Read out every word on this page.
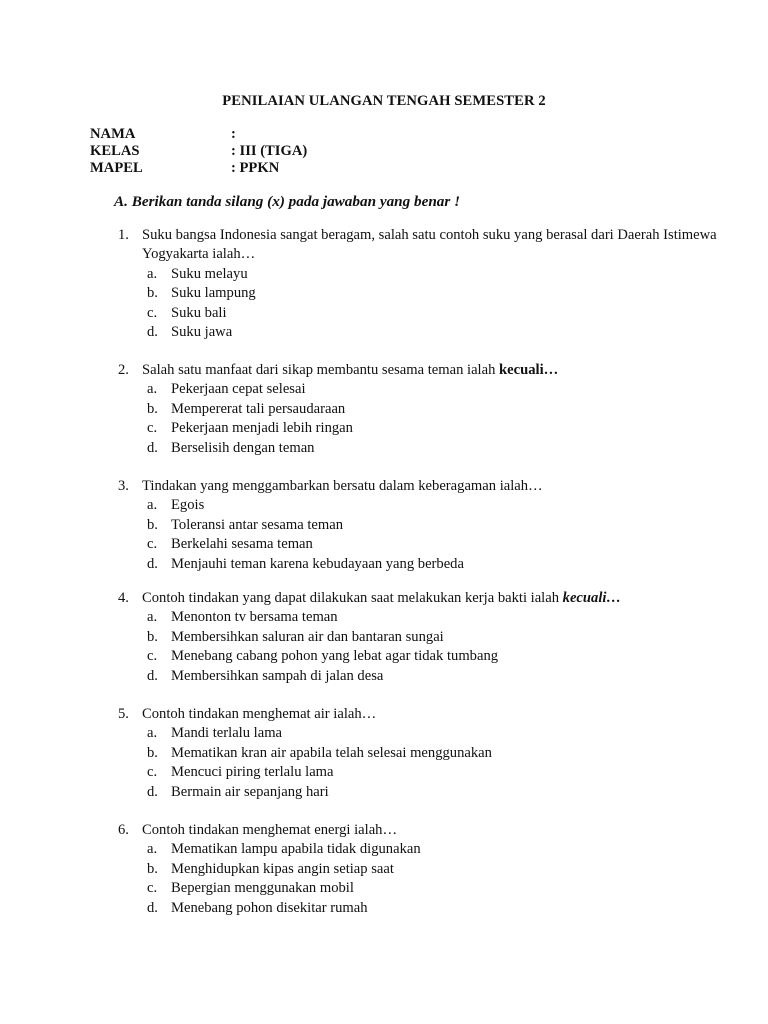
PENILAIAN ULANGAN TENGAH SEMESTER 2
NAMA	:
KELAS	: III (TIGA)
MAPEL	: PPKN
A. Berikan tanda silang (x) pada jawaban yang benar !
1. Suku bangsa Indonesia sangat beragam, salah satu contoh suku yang berasal dari Daerah Istimewa Yogyakarta ialah…
a. Suku melayu
b. Suku lampung
c. Suku bali
d. Suku jawa
2. Salah satu manfaat dari sikap membantu sesama teman ialah kecuali…
a. Pekerjaan cepat selesai
b. Mempererat tali persaudaraan
c. Pekerjaan menjadi lebih ringan
d. Berselisih dengan teman
3. Tindakan yang menggambarkan bersatu dalam keberagaman ialah…
a. Egois
b. Toleransi antar sesama teman
c. Berkelahi sesama teman
d. Menjauhi teman karena kebudayaan yang berbeda
4. Contoh tindakan yang dapat dilakukan saat melakukan kerja bakti ialah kecuali…
a. Menonton tv bersama teman
b. Membersihkan saluran air dan bantaran sungai
c. Menebang cabang pohon yang lebat agar tidak tumbang
d. Membersihkan sampah di jalan desa
5. Contoh tindakan menghemat air ialah…
a. Mandi terlalu lama
b. Mematikan kran air apabila telah selesai menggunakan
c. Mencuci piring terlalu lama
d. Bermain air sepanjang hari
6. Contoh tindakan menghemat energi ialah…
a. Mematikan lampu apabila tidak digunakan
b. Menghidupkan kipas angin setiap saat
c. Bepergian menggunakan mobil
d. Menebang pohon disekitar rumah
